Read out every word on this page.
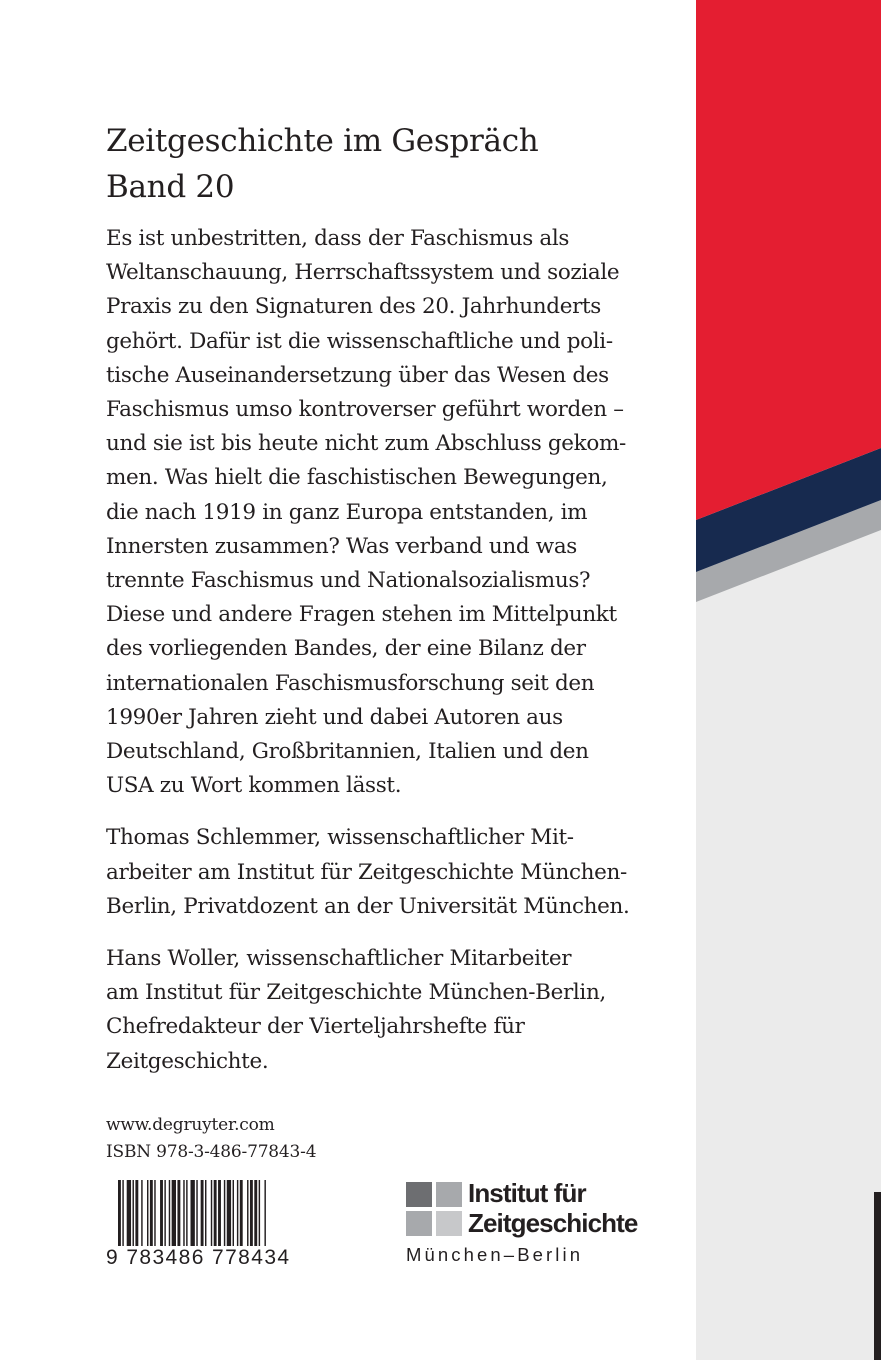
Zeitgeschichte im Gespräch
Band 20

Es ist unbestritten, dass der Faschismus als
Weltanschauung, Herrschaftssystem und soziale
Praxis zu den Signaturen des 20. Jahrhunderts
gehört. Dafür ist die wissenschaftliche und poli-
tische Auseinandersetzung über das Wesen des
Faschismus umso kontroverser geführt worden –
und sie ist bis heute nicht zum Abschluss gekom-
men. Was hielt die faschistischen Bewegungen,
die nach 1919 in ganz Europa entstanden, im
Innersten zusammen? Was verband und was
trennte Faschismus und Nationalsozialismus?
Diese und andere Fragen stehen im Mittelpunkt
des vorliegenden Bandes, der eine Bilanz der
internationalen Faschismusforschung seit den
1990er Jahren zieht und dabei Autoren aus
Deutschland, Großbritannien, Italien und den
USA zu Wort kommen lässt.

Thomas Schlemmer, wissenschaftlicher Mit-
arbeiter am Institut für Zeitgeschichte München-
Berlin, Privatdozent an der Universität München.

Hans Woller, wissenschaftlicher Mitarbeiter
am Institut für Zeitgeschichte München-Berlin,
Chefredakteur der Vierteljahrshefte für
Zeitgeschichte.

www.degruyter.com
ISBN 978-3-486-77843-4
9 783486 778434
Institut für
Zeitgeschichte
München–Berlin
